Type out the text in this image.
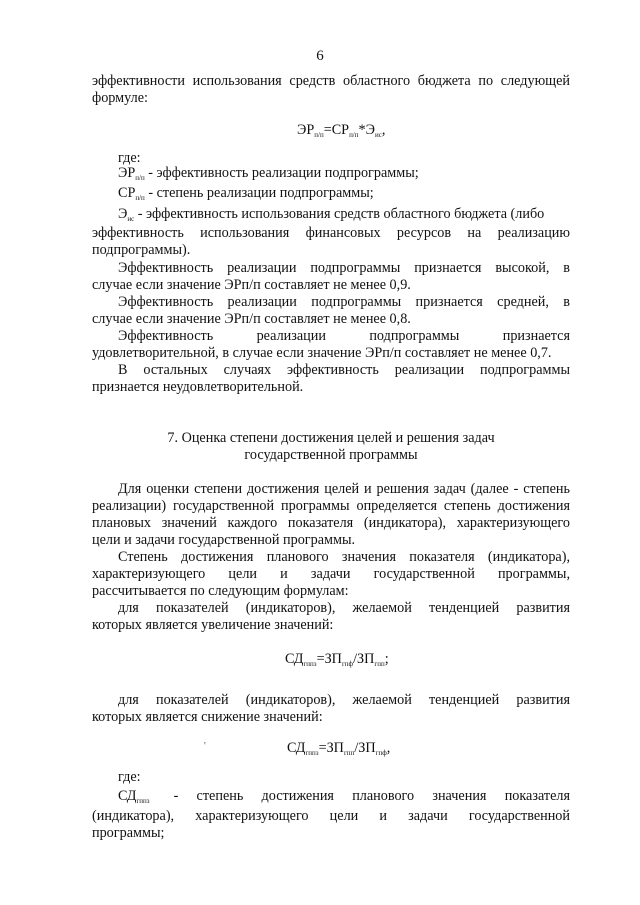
6
эффективности использования средств областного бюджета по следующей
формуле:
$ЭР_{п/п}=СР_{п/п}*Э_{ис}$,
где:
$ЭР_{п/п}$ - эффективность реализации подпрограммы;
$СР_{п/п}$ - степень реализации подпрограммы;
$Э_{ис}$ - эффективность использования средств областного бюджета (либо
эффективность использования финансовых ресурсов на реализацию
подпрограммы).
Эффективность реализации подпрограммы признается высокой, в
случае если значение ЭРп/п составляет не менее 0,9.
Эффективность реализации подпрограммы признается средней, в
случае если значение ЭРп/п составляет не менее 0,8.
Эффективность реализации подпрограммы признается
удовлетворительной, в случае если значение ЭРп/п составляет не менее 0,7.
В остальных случаях эффективность реализации подпрограммы
признается неудовлетворительной.
7. Оценка степени достижения целей и решения задач
государственной программы
Для оценки степени достижения целей и решения задач (далее - степень
реализации) государственной программы определяется степень достижения
плановых значений каждого показателя (индикатора), характеризующего
цели и задачи государственной программы.
Степень достижения планового значения показателя (индикатора),
характеризующего цели и задачи государственной программы,
рассчитывается по следующим формулам:
для показателей (индикаторов), желаемой тенденцией развития
которых является увеличение значений:
$СД_{гппз}=ЗП_{гпф}/ЗП_{гпп}$;
для показателей (индикаторов), желаемой тенденцией развития
которых является снижение значений:
'	$СД_{гппз}=ЗП_{гпп}/ЗП_{гпф}$,
где:
$СД_{гппз}$ - степень достижения планового значения показателя
(индикатора), характеризующего цели и задачи государственной
программы;
